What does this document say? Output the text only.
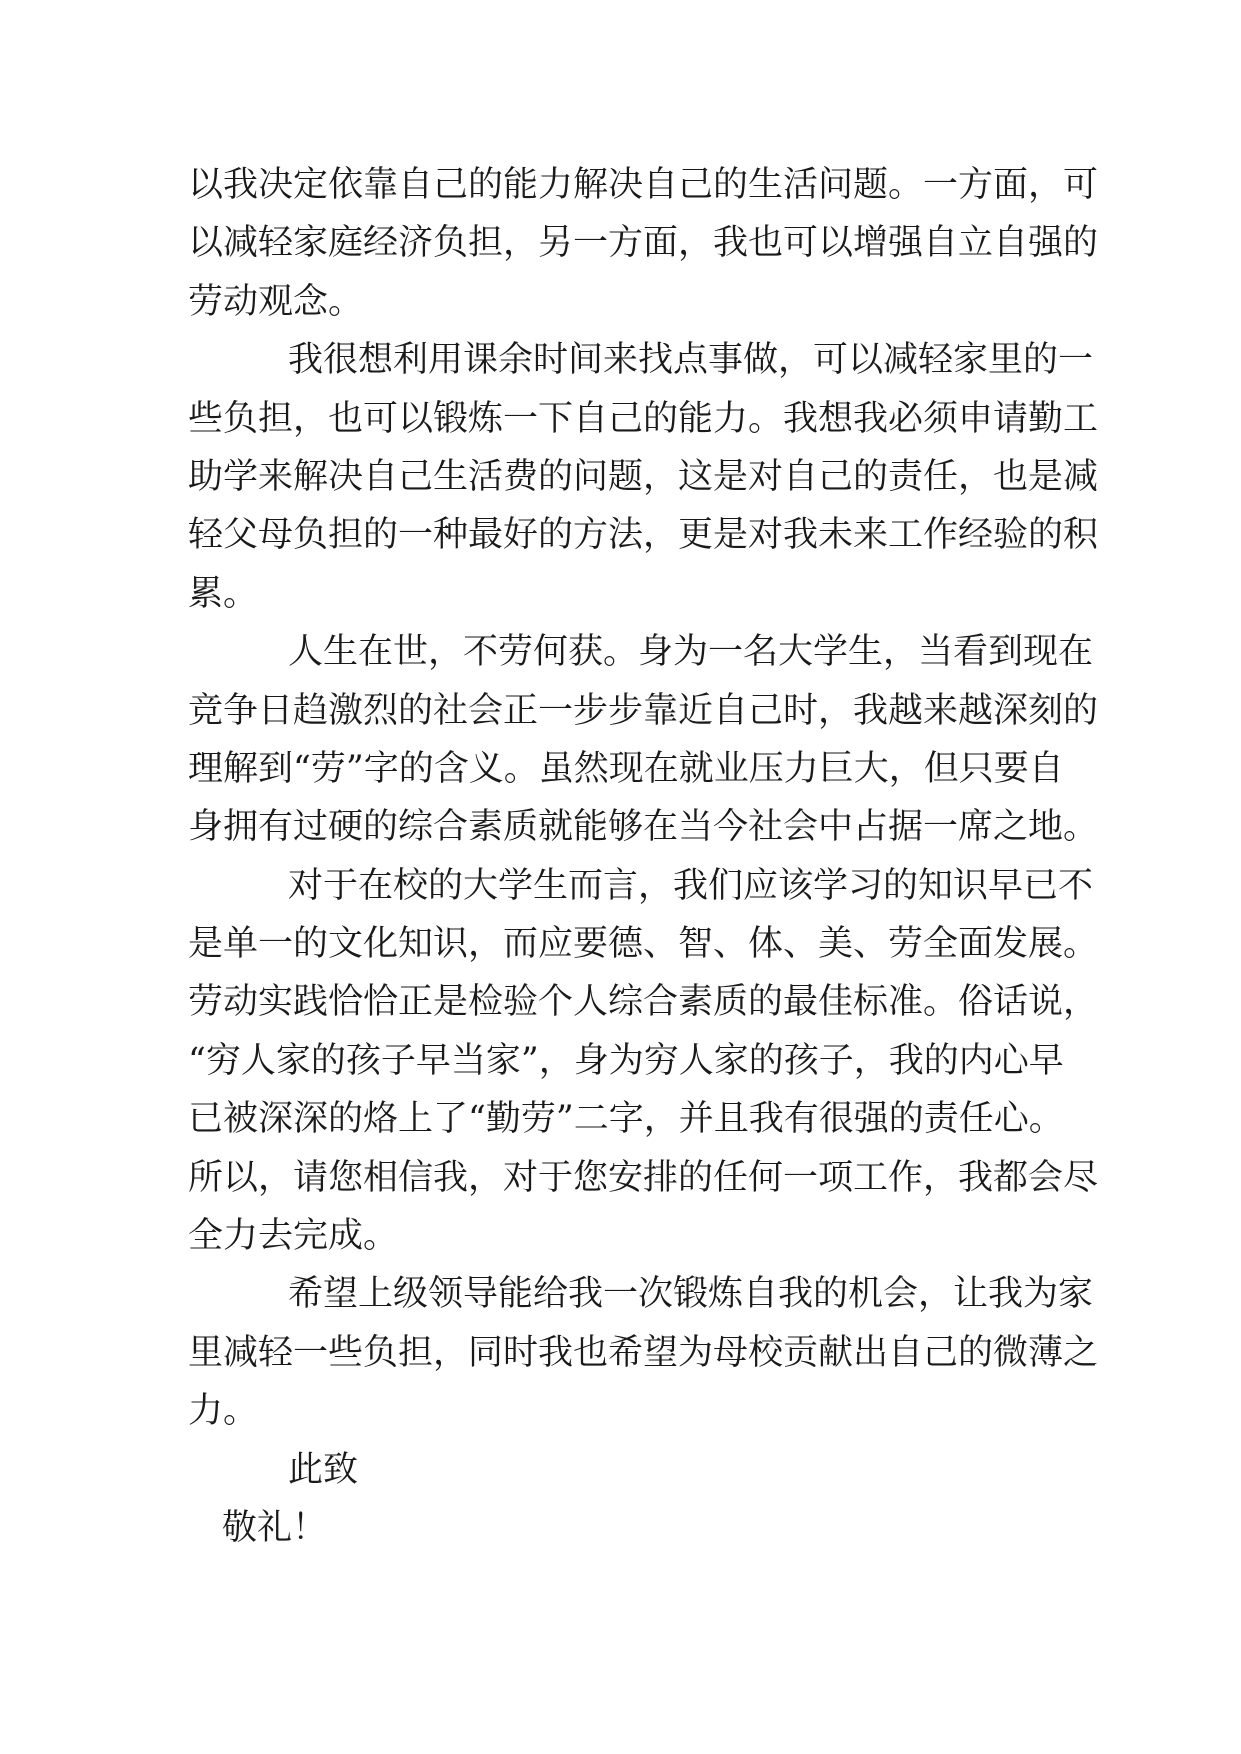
以我决定依靠自己的能力解决自己的生活问题。一方面，可
以减轻家庭经济负担，另一方面，我也可以增强自立自强的
劳动观念。
我很想利用课余时间来找点事做，可以减轻家里的一
些负担，也可以锻炼一下自己的能力。我想我必须申请勤工
助学来解决自己生活费的问题，这是对自己的责任，也是减
轻父母负担的一种最好的方法，更是对我未来工作经验的积
累。
人生在世，不劳何获。身为一名大学生，当看到现在
竞争日趋激烈的社会正一步步靠近自己时，我越来越深刻的
理解到“劳”字的含义。虽然现在就业压力巨大，但只要自
身拥有过硬的综合素质就能够在当今社会中占据一席之地。
对于在校的大学生而言，我们应该学习的知识早已不
是单一的文化知识，而应要德、智、体、美、劳全面发展。
劳动实践恰恰正是检验个人综合素质的最佳标准。俗话说，
“穷人家的孩子早当家”，身为穷人家的孩子，我的内心早
已被深深的烙上了“勤劳”二字，并且我有很强的责任心。
所以，请您相信我，对于您安排的任何一项工作，我都会尽
全力去完成。
希望上级领导能给我一次锻炼自我的机会，让我为家
里减轻一些负担，同时我也希望为母校贡献出自己的微薄之
力。
此致
敬礼！
